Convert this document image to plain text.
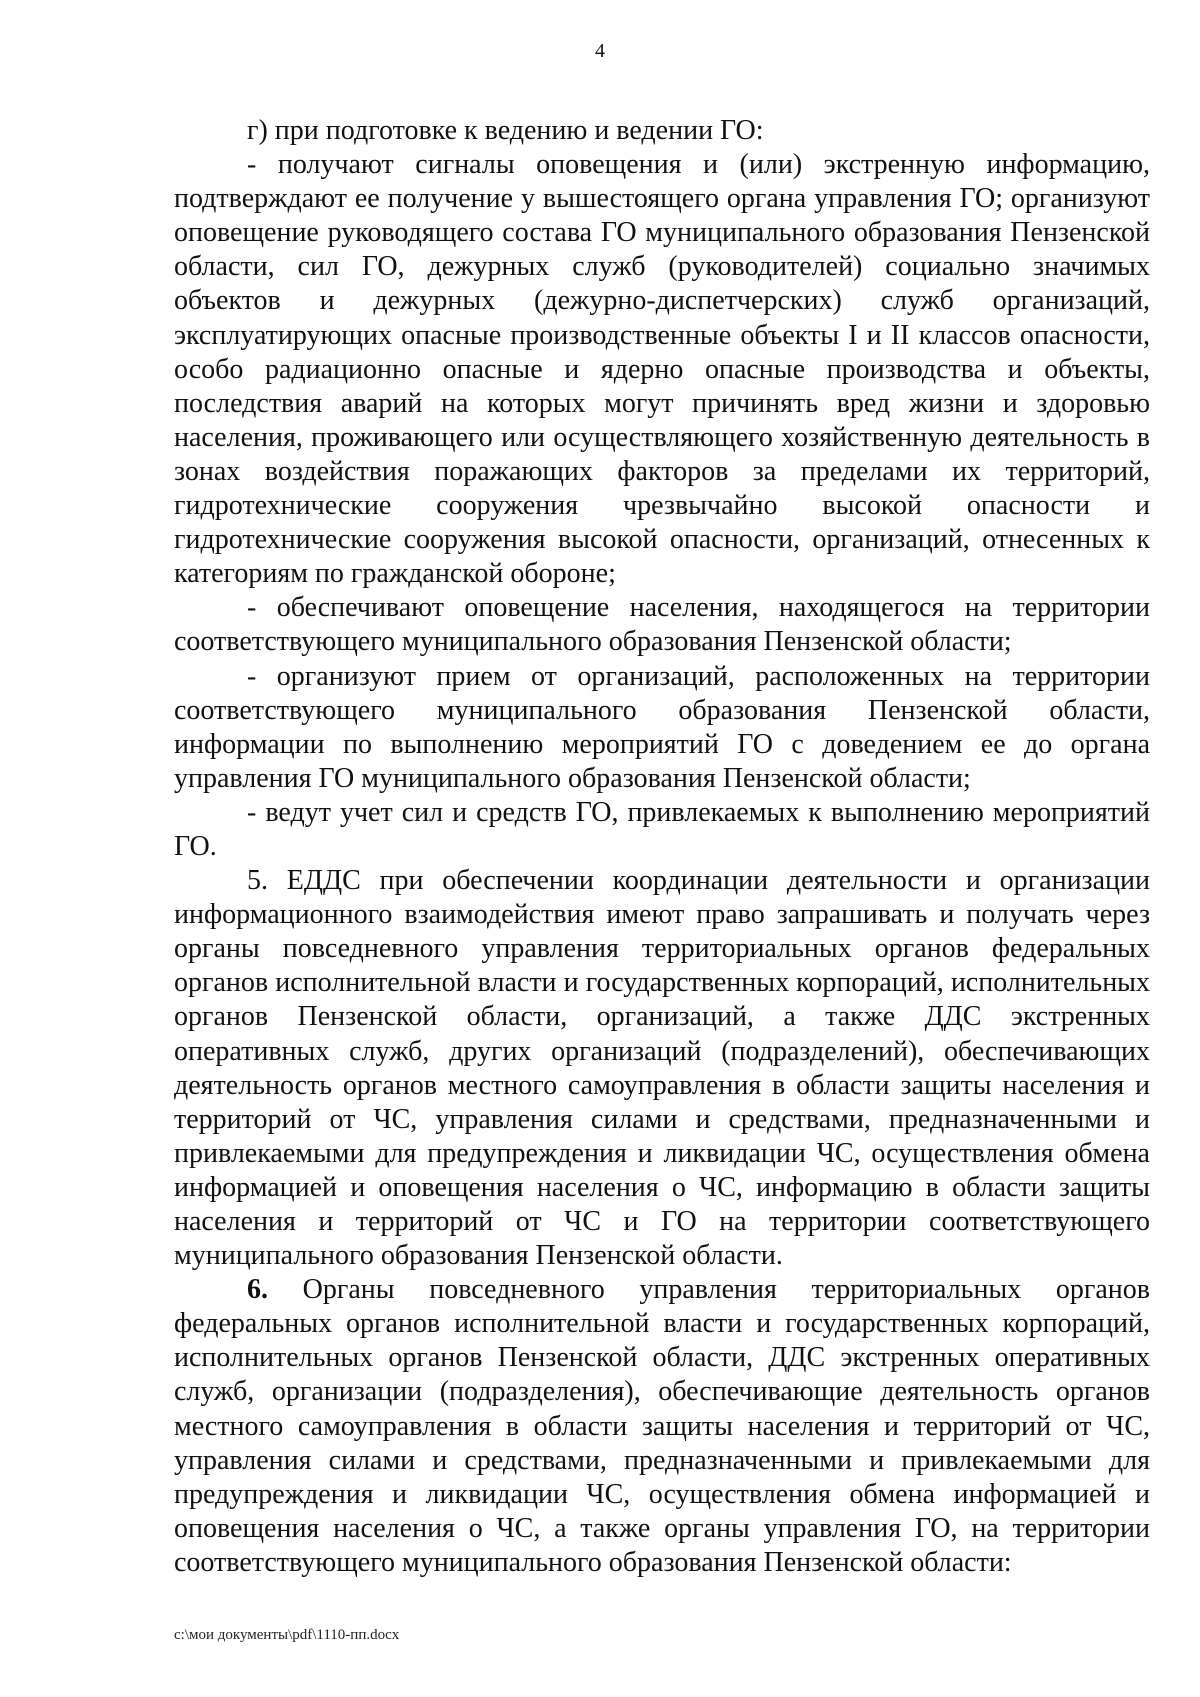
4

г) при подготовке к ведению и ведении ГО:

- получают сигналы оповещения и (или) экстренную информацию, подтверждают ее получение у вышестоящего органа управления ГО; организуют оповещение руководящего состава ГО муниципального образования Пензенской области, сил ГО, дежурных служб (руководителей) социально значимых объектов и дежурных (дежурно-диспетчерских) служб организаций, эксплуатирующих опасные производственные объекты I и II классов опасности, особо радиационно опасные и ядерно опасные производства и объекты, последствия аварий на которых могут причинять вред жизни и здоровью населения, проживающего или осуществляющего хозяйственную деятельность в зонах воздействия поражающих факторов за пределами их территорий, гидротехнические сооружения чрезвычайно высокой опасности и гидротехнические сооружения высокой опасности, организаций, отнесенных к категориям по гражданской обороне;

- обеспечивают оповещение населения, находящегося на территории соответствующего муниципального образования Пензенской области;

- организуют прием от организаций, расположенных на территории соответствующего муниципального образования Пензенской области, информации по выполнению мероприятий ГО с доведением ее до органа управления ГО муниципального образования Пензенской области;

- ведут учет сил и средств ГО, привлекаемых к выполнению мероприятий ГО.

5. ЕДДС при обеспечении координации деятельности и организации информационного взаимодействия имеют право запрашивать и получать через органы повседневного управления территориальных органов федеральных органов исполнительной власти и государственных корпораций, исполнительных органов Пензенской области, организаций, а также ДДС экстренных оперативных служб, других организаций (подразделений), обеспечивающих деятельность органов местного самоуправления в области защиты населения и территорий от ЧС, управления силами и средствами, предназначенными и привлекаемыми для предупреждения и ликвидации ЧС, осуществления обмена информацией и оповещения населения о ЧС, информацию в области защиты населения и территорий от ЧС и ГО на территории соответствующего муниципального образования Пензенской области.

6. Органы повседневного управления территориальных органов федеральных органов исполнительной власти и государственных корпораций, исполнительных органов Пензенской области, ДДС экстренных оперативных служб, организации (подразделения), обеспечивающие деятельность органов местного самоуправления в области защиты населения и территорий от ЧС, управления силами и средствами, предназначенными и привлекаемыми для предупреждения и ликвидации ЧС, осуществления обмена информацией и оповещения населения о ЧС, а также органы управления ГО, на территории соответствующего муниципального образования Пензенской области:

c:\мои документы\pdf\1110-пп.docx
